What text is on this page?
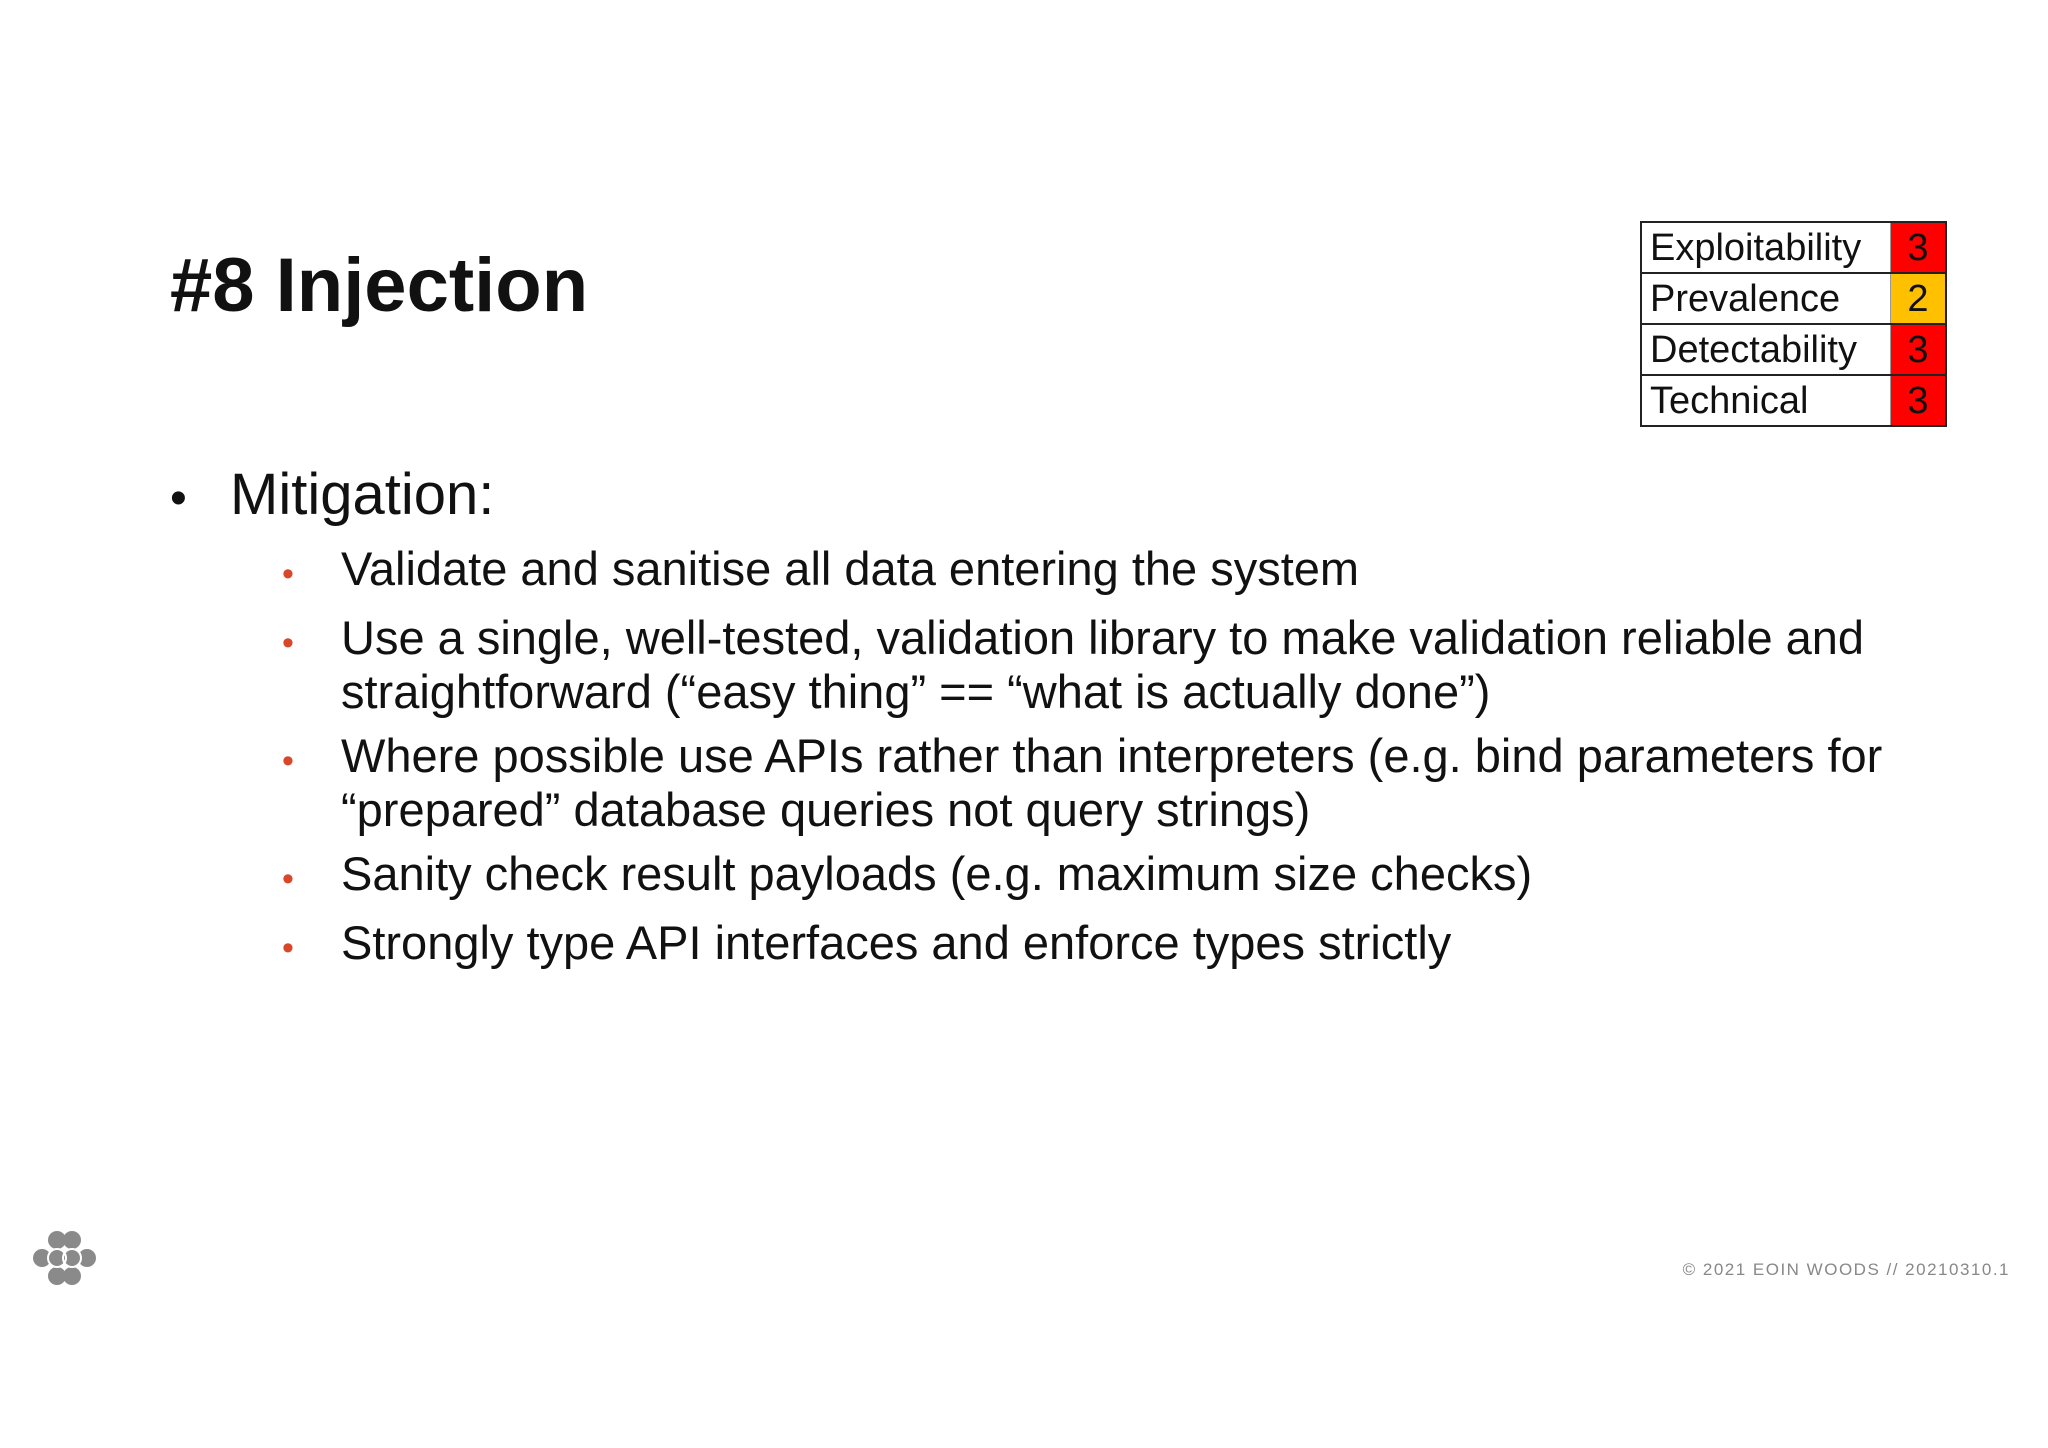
#8 Injection	Exploitability	3
Prevalence	2
Detectability	3
Technical	3
• Mitigation:
•	Validate and sanitise all data entering the system
•	Use a single, well-tested, validation library to make validation reliable and straightforward (“easy thing” == “what is actually done”)
•	Where possible use APIs rather than interpreters (e.g. bind parameters for “prepared” database queries not query strings)
•	Sanity check result payloads (e.g. maximum size checks)
•	Strongly type API interfaces and enforce types strictly
© 2021 EOIN WOODS // 20210310.1
